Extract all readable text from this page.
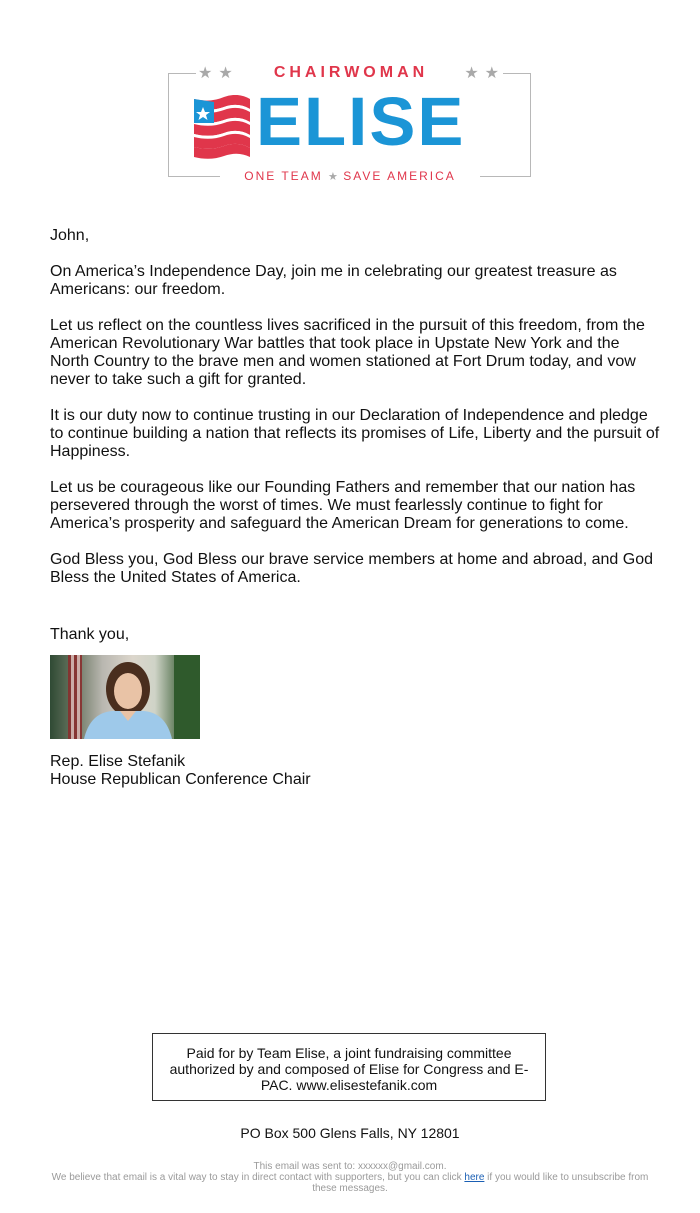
★★	CHAIRWOMAN	★★
ELISE
ONE TEAM ★ SAVE AMERICA

John,

On America’s Independence Day, join me in celebrating our greatest treasure as Americans: our freedom.

Let us reflect on the countless lives sacrificed in the pursuit of this freedom, from the American Revolutionary War battles that took place in Upstate New York and the North Country to the brave men and women stationed at Fort Drum today, and vow never to take such a gift for granted.

It is our duty now to continue trusting in our Declaration of Independence and pledge to continue building a nation that reflects its promises of Life, Liberty and the pursuit of Happiness.

Let us be courageous like our Founding Fathers and remember that our nation has persevered through the worst of times. We must fearlessly continue to fight for America’s prosperity and safeguard the American Dream for generations to come.

God Bless you, God Bless our brave service members at home and abroad, and God Bless the United States of America.

Thank you,
Rep. Elise Stefanik
House Republican Conference Chair
Paid for by Team Elise, a joint fundraising committee authorized by and composed of Elise for Congress and E-PAC. www.elisestefanik.com
PO Box 500 Glens Falls, NY 12801
This email was sent to: xxxxxx@gmail.com.
We believe that email is a vital way to stay in direct contact with supporters, but you can click here if you would like to unsubscribe from these messages.
